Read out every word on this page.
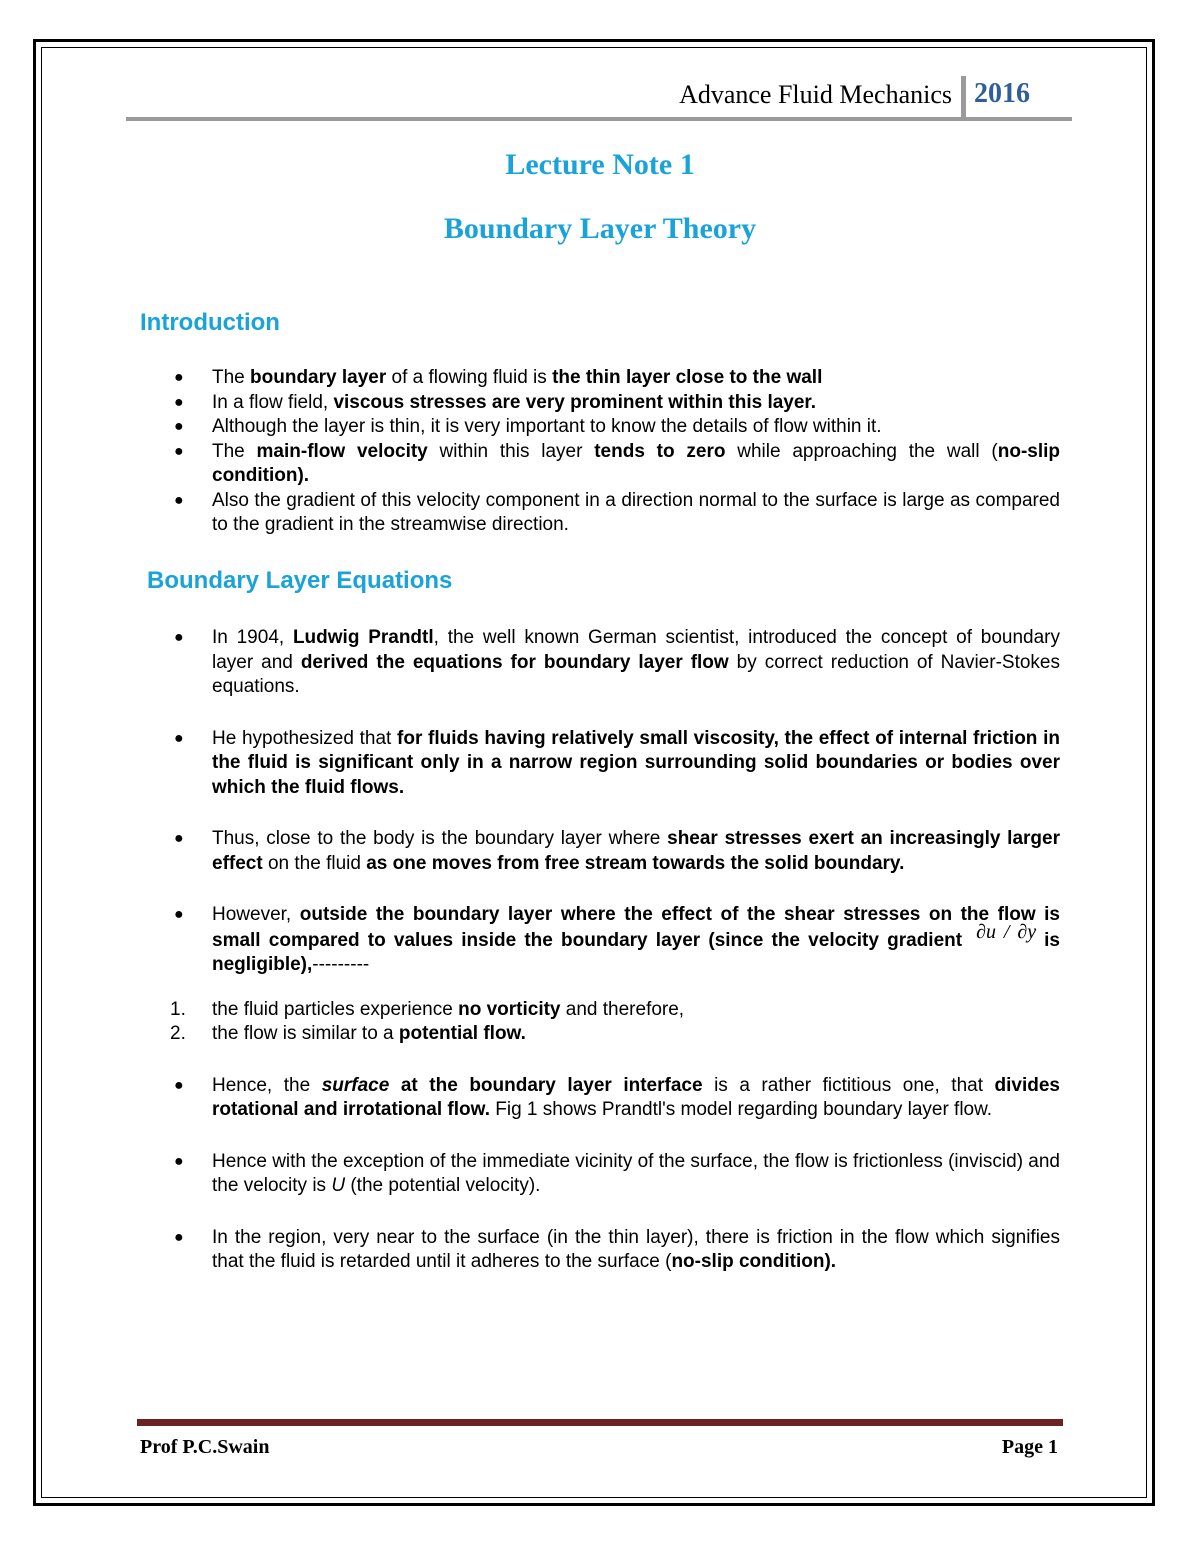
Advance Fluid Mechanics 2016
Lecture Note 1
Boundary Layer Theory
Introduction
● The boundary layer of a flowing fluid is the thin layer close to the wall
● In a flow field, viscous stresses are very prominent within this layer.
● Although the layer is thin, it is very important to know the details of flow within it.
● The main-flow velocity within this layer tends to zero while approaching the wall (no-slip condition).
● Also the gradient of this velocity component in a direction normal to the surface is large as compared to the gradient in the streamwise direction.
Boundary Layer Equations
● In 1904, Ludwig Prandtl, the well known German scientist, introduced the concept of boundary layer and derived the equations for boundary layer flow by correct reduction of Navier-Stokes equations.
● He hypothesized that for fluids having relatively small viscosity, the effect of internal friction in the fluid is significant only in a narrow region surrounding solid boundaries or bodies over which the fluid flows.
● Thus, close to the body is the boundary layer where shear stresses exert an increasingly larger effect on the fluid as one moves from free stream towards the solid boundary.
● However, outside the boundary layer where the effect of the shear stresses on the flow is small compared to values inside the boundary layer (since the velocity gradient ∂u / ∂y is negligible),---------
1. the fluid particles experience no vorticity and therefore,
2. the flow is similar to a potential flow.
● Hence, the surface at the boundary layer interface is a rather fictitious one, that divides rotational and irrotational flow. Fig 1 shows Prandtl's model regarding boundary layer flow.
● Hence with the exception of the immediate vicinity of the surface, the flow is frictionless (inviscid) and the velocity is U (the potential velocity).
● In the region, very near to the surface (in the thin layer), there is friction in the flow which signifies that the fluid is retarded until it adheres to the surface (no-slip condition).
Prof P.C.Swain	Page 1
